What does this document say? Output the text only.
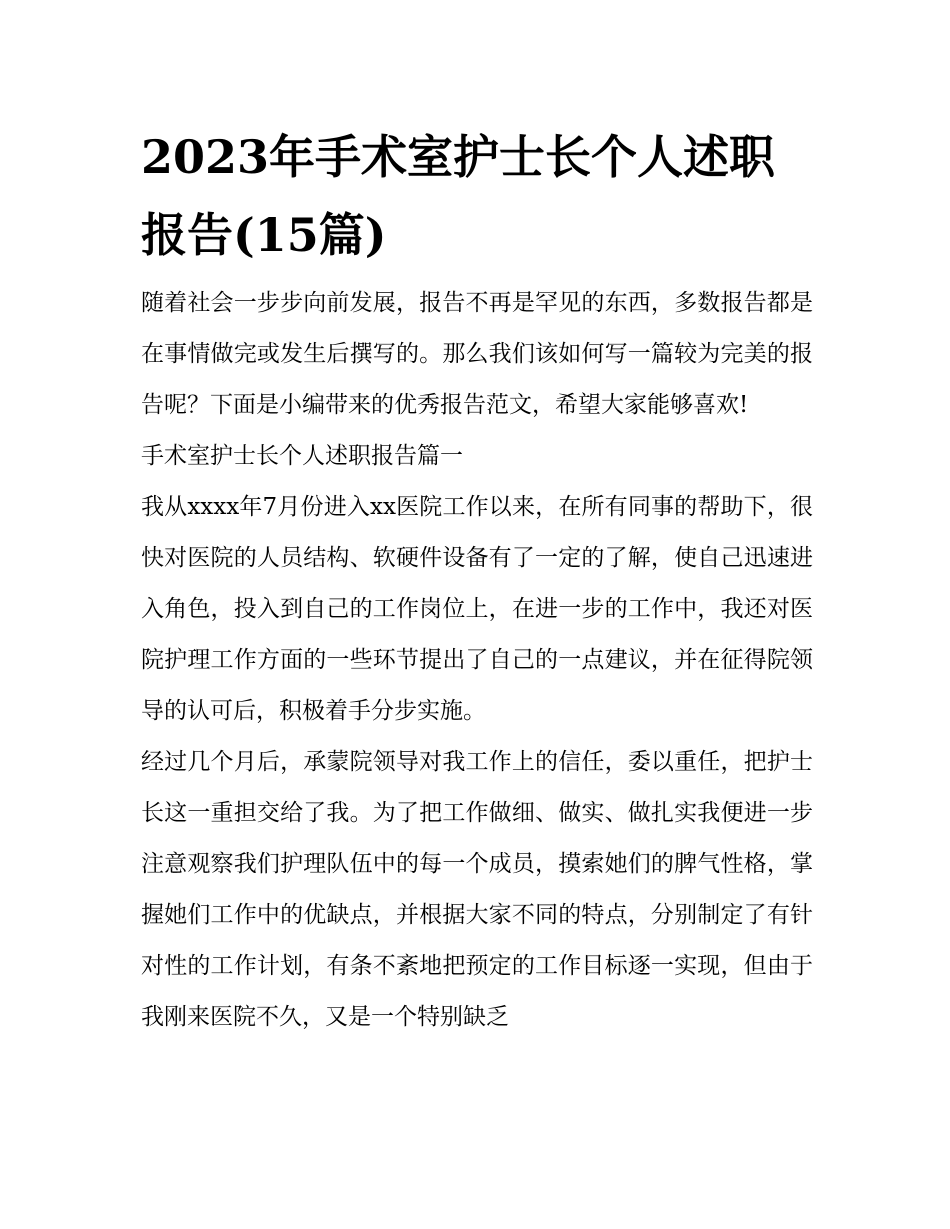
2023年手术室护士长个人述职报告(15篇)

随着社会一步步向前发展，报告不再是罕见的东西，多数报告都是在事情做完或发生后撰写的。那么我们该如何写一篇较为完美的报告呢？下面是小编带来的优秀报告范文，希望大家能够喜欢!

手术室护士长个人述职报告篇一

我从xxxx年7月份进入xx医院工作以来，在所有同事的帮助下，很快对医院的人员结构、软硬件设备有了一定的了解，使自己迅速进入角色，投入到自己的工作岗位上，在进一步的工作中，我还对医院护理工作方面的一些环节提出了自己的一点建议，并在征得院领导的认可后，积极着手分步实施。

经过几个月后，承蒙院领导对我工作上的信任，委以重任，把护士长这一重担交给了我。为了把工作做细、做实、做扎实我便进一步注意观察我们护理队伍中的每一个成员，摸索她们的脾气性格，掌握她们工作中的优缺点，并根据大家不同的特点，分别制定了有针对性的工作计划，有条不紊地把预定的工作目标逐一实现，但由于我刚来医院不久，又是一个特别缺乏
